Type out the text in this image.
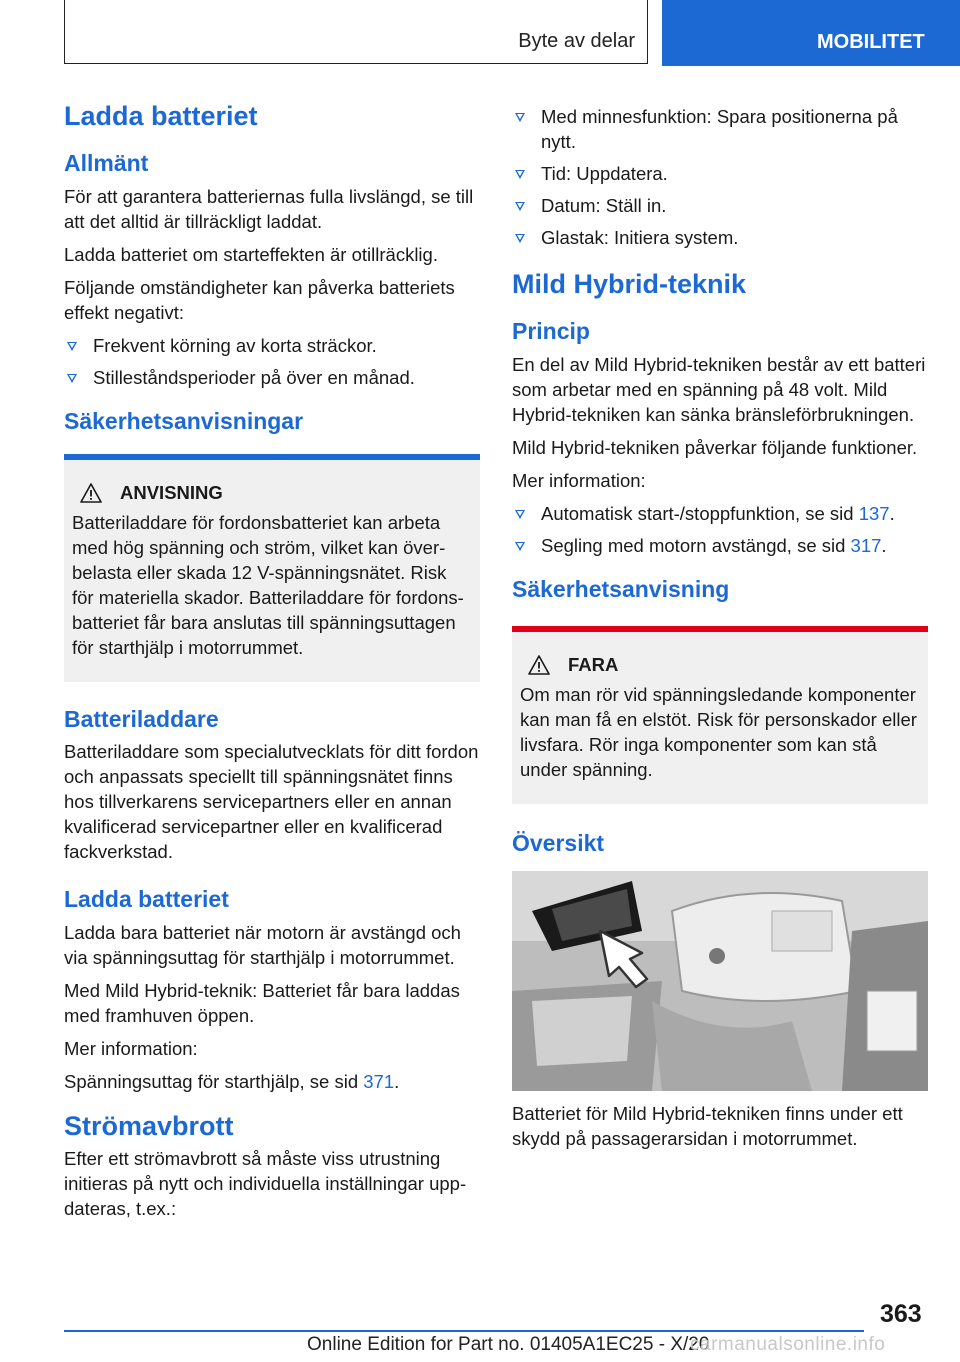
Byte av delar	MOBILITET
Ladda batteriet
Allmänt

För att garantera batteriernas fulla livslängd, se till att det alltid är tillräckligt laddat.

Ladda batteriet om starteffekten är otillräcklig.

Följande omständigheter kan påverka batteriets effekt negativt:

Frekvent körning av korta sträckor.
Stilleståndsperioder på över en månad.
Säkerhetsanvisningar
ANVISNING

Batteriladdare för fordonsbatteriet kan arbeta med hög spänning och ström, vilket kan överbelasta eller skada 12 V-spänningsnätet. Risk för materiella skador. Batteriladdare för fordonsbatteriet får bara anslutas till spänningsuttagen för starthjälp i motorrummet.

Batteriladdare

Batteriladdare som specialutvecklats för ditt fordon och anpassats speciellt till spänningsnätet finns hos tillverkarens servicepartners eller en annan kvalificerad servicepartner eller en kvalificerad fackverkstad.

Ladda batteriet

Ladda bara batteriet när motorn är avstängd och via spänningsuttag för starthjälp i motorrummet.

Med Mild Hybrid-teknik: Batteriet får bara laddas med framhuven öppen.

Mer information:

Spänningsuttag för starthjälp, se sid 371.

Strömavbrott

Efter ett strömavbrott så måste viss utrustning initieras på nytt och individuella inställningar uppdateras, t.ex.:

Med minnesfunktion: Spara positionerna på nytt.
Tid: Uppdatera.
Datum: Ställ in.
Glastak: Initiera system.
Mild Hybrid-teknik
Princip

En del av Mild Hybrid-tekniken består av ett batteri som arbetar med en spänning på 48 volt. Mild Hybrid-tekniken kan sänka bränsleförbrukningen.

Mild Hybrid-tekniken påverkar följande funktioner.

Mer information:

Automatisk start-/stoppfunktion, se sid 137.
Segling med motorn avstängd, se sid 317.
Säkerhetsanvisning
FARA

Om man rör vid spänningsledande komponenter kan man få en elstöt. Risk för personskador eller livsfara. Rör inga komponenter som kan stå under spänning.

Översikt

Batteriet för Mild Hybrid-tekniken finns under ett skydd på passagerarsidan i motorrummet.

363
Online Edition for Part no. 01405A1EC25 - X/20
carmanualsonline.info
